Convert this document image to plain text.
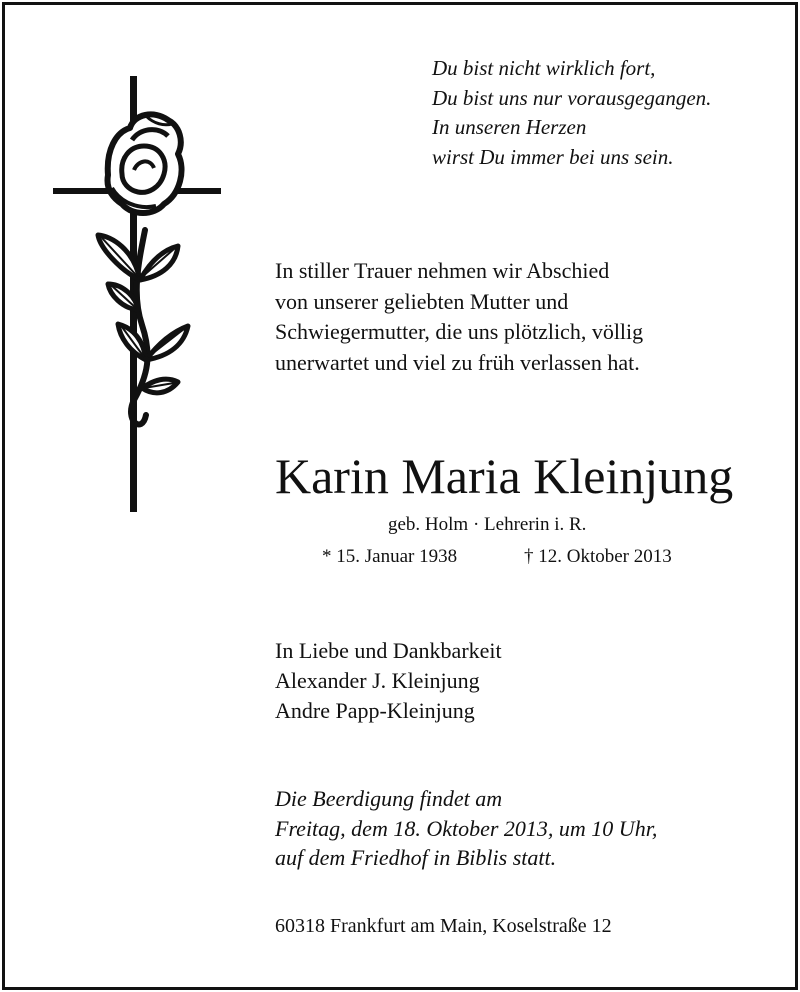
Du bist nicht wirklich fort,
Du bist uns nur vorausgegangen.
In unseren Herzen
wirst Du immer bei uns sein.
In stiller Trauer nehmen wir Abschied
von unserer geliebten Mutter und
Schwiegermutter, die uns plötzlich, völlig
unerwartet und viel zu früh verlassen hat.
Karin Maria Kleinjung
geb. Holm · Lehrerin i. R.
* 15. Januar 1938	† 12. Oktober 2013
In Liebe und Dankbarkeit
Alexander J. Kleinjung
Andre Papp-Kleinjung
Die Beerdigung findet am
Freitag, dem 18. Oktober 2013, um 10 Uhr,
auf dem Friedhof in Biblis statt.
60318 Frankfurt am Main, Koselstraße 12
